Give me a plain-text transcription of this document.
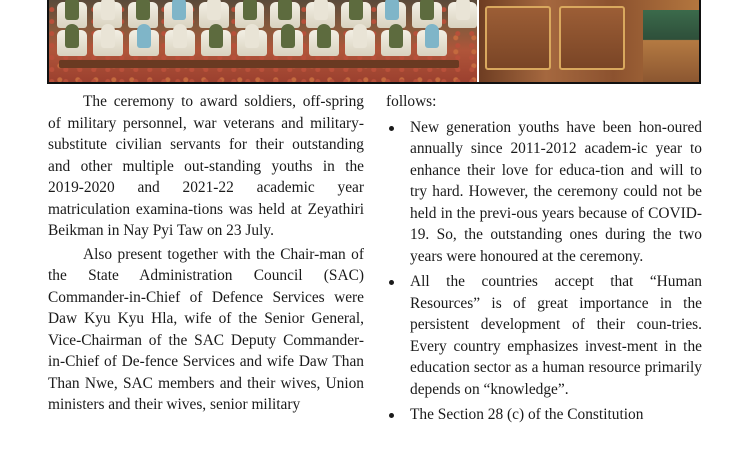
The ceremony to award soldiers, off-spring of military personnel, war veterans and military-substitute civilian servants for their outstanding and other multiple out-standing youths in the 2019-2020 and 2021-22 academic year matriculation examina-tions was held at Zeyathiri Beikman in Nay Pyi Taw on 23 July.

Also present together with the Chair-man of the State Administration Council (SAC) Commander-in-Chief of Defence Services were Daw Kyu Kyu Hla, wife of the Senior General, Vice-Chairman of the SAC Deputy Commander-in-Chief of De-fence Services and wife Daw Than Than Nwe, SAC members and their wives, Union ministers and their wives, senior military

follows:

New generation youths have been hon-oured annually since 2011-2012 academ-ic year to enhance their love for educa-tion and will to try hard. However, the ceremony could not be held in the previ-ous years because of COVID-19. So, the outstanding ones during the two years were honoured at the ceremony.
All the countries accept that “Human Resources” is of great importance in the persistent development of their coun-tries. Every country emphasizes invest-ment in the education sector as a human resource primarily depends on “knowledge”.
The Section 28 (c) of the Constitution
